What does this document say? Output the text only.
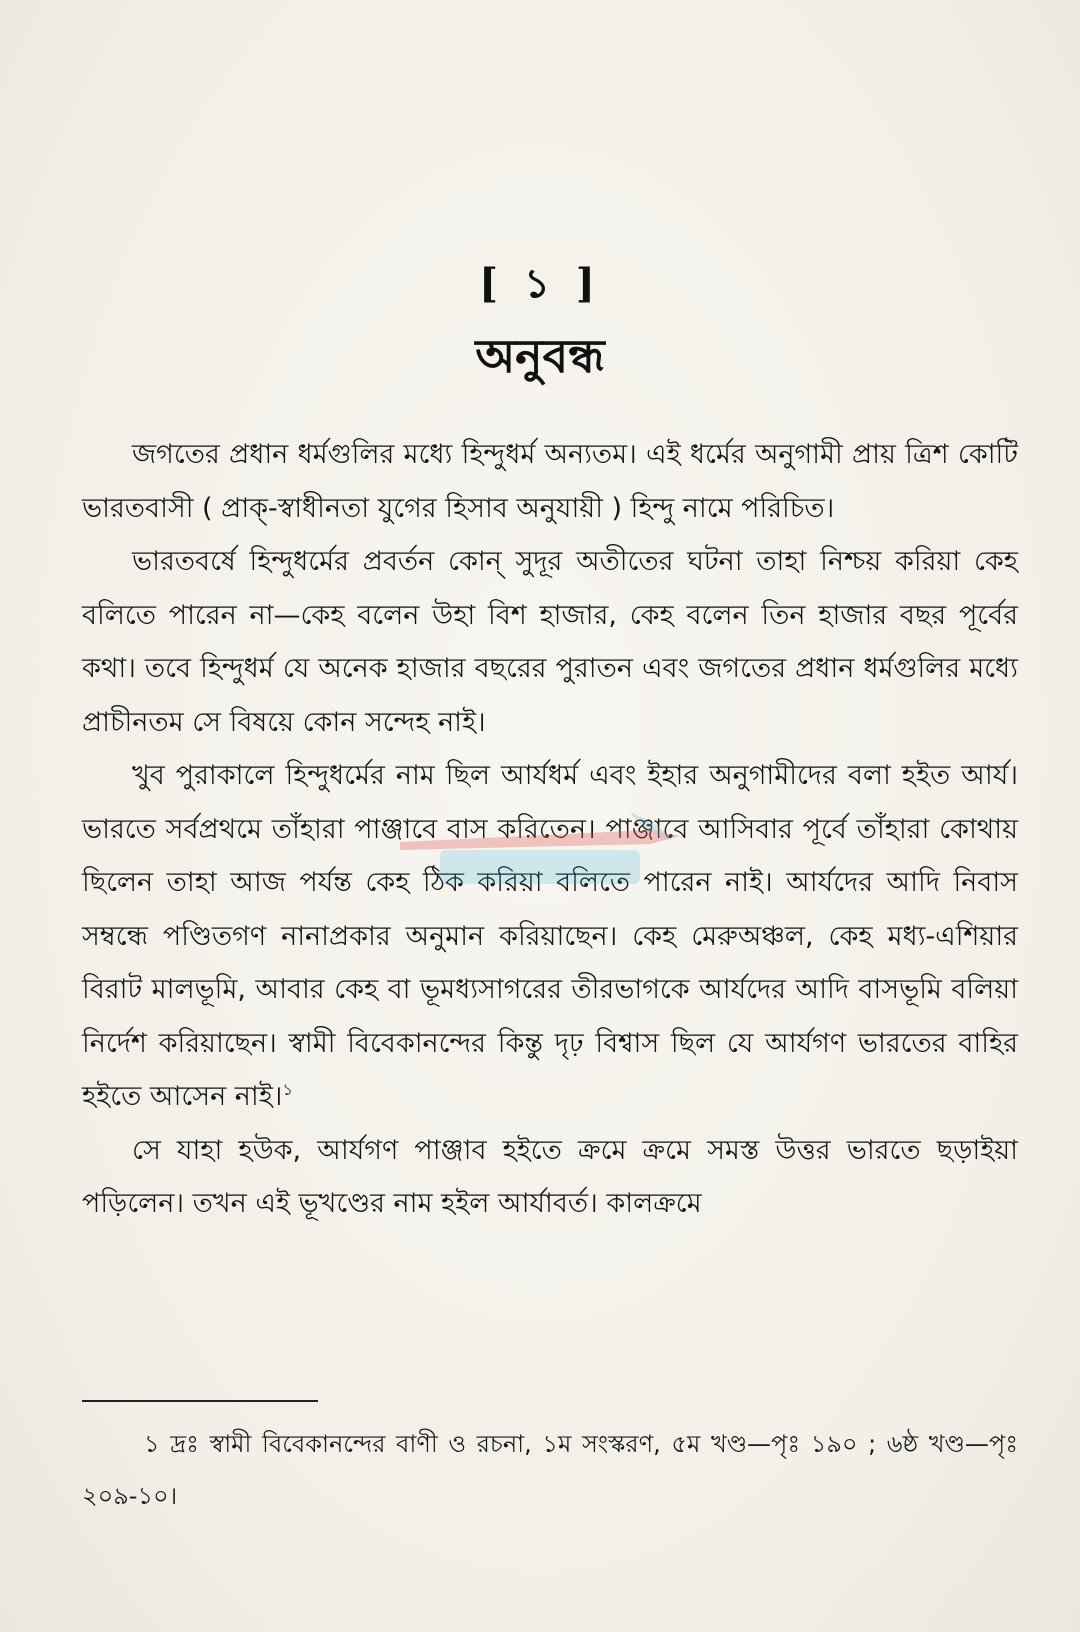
[ ১ ]
অনুবন্ধ

জগতের প্রধান ধর্মগুলির মধ্যে হিন্দুধর্ম অন্যতম। এই ধর্মের অনুগামী প্রায় ত্রিশ কোটি ভারতবাসী ( প্রাক্-স্বাধীনতা যুগের হিসাব অনুযায়ী ) হিন্দু নামে পরিচিত।

ভারতবর্ষে হিন্দুধর্মের প্রবর্তন কোন্ সুদূর অতীতের ঘটনা তাহা নিশ্চয় করিয়া কেহ বলিতে পারেন না—কেহ বলেন উহা বিশ হাজার, কেহ বলেন তিন হাজার বছর পূর্বের কথা। তবে হিন্দুধর্ম যে অনেক হাজার বছরের পুরাতন এবং জগতের প্রধান ধর্মগুলির মধ্যে প্রাচীনতম সে বিষয়ে কোন সন্দেহ নাই।

খুব পুরাকালে হিন্দুধর্মের নাম ছিল আর্যধর্ম এবং ইহার অনুগামীদের বলা হইত আর্য। ভারতে সর্বপ্রথমে তাঁহারা পাঞ্জাবে বাস করিতেন। পাঞ্জাবে আসিবার পূর্বে তাঁহারা কোথায় ছিলেন তাহা আজ পর্যন্ত কেহ ঠিক করিয়া বলিতে পারেন নাই। আর্যদের আদি নিবাস সম্বন্ধে পণ্ডিতগণ নানাপ্রকার অনুমান করিয়াছেন। কেহ মেরুঅঞ্চল, কেহ মধ্য-এশিয়ার বিরাট মালভূমি, আবার কেহ বা ভূমধ্যসাগরের তীরভাগকে আর্যদের আদি বাসভূমি বলিয়া নির্দেশ করিয়াছেন। স্বামী বিবেকানন্দের কিন্তু দৃঢ় বিশ্বাস ছিল যে আর্যগণ ভারতের বাহির হইতে আসেন নাই।$^১$

সে যাহা হউক, আর্যগণ পাঞ্জাব হইতে ক্রমে ক্রমে সমস্ত উত্তর ভারতে ছড়াইয়া পড়িলেন। তখন এই ভূখণ্ডের নাম হইল আর্যাবর্ত। কালক্রমে

১ দ্রঃ স্বামী বিবেকানন্দের বাণী ও রচনা, ১ম সংস্করণ, ৫ম খণ্ড—পৃঃ ১৯০ ; ৬ষ্ঠ খণ্ড—পৃঃ ২০৯-১০।
